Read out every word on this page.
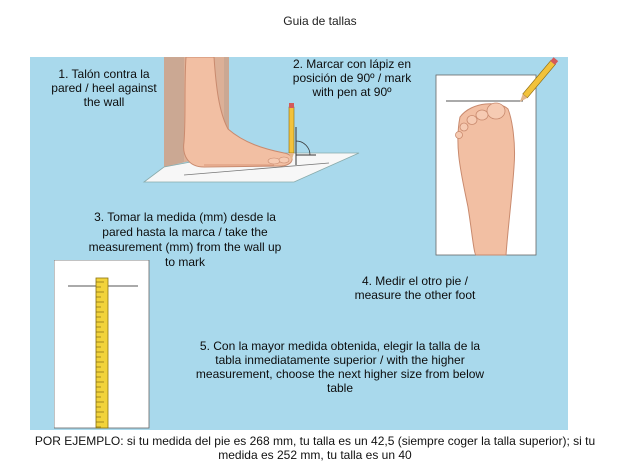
Guia de tallas
1. Talón contra la pared / heel against the wall
2. Marcar con lápiz en posición de 90º / mark with pen at 90º
3. Tomar la medida (mm) desde la pared hasta la marca / take the measurement (mm) from the wall up to mark
4. Medir el otro pie / measure the other foot
5. Con la mayor medida obtenida, elegir la talla de la tabla inmediatamente superior / with the higher measurement, choose the next higher size from below table
POR EJEMPLO: si tu medida del pie es 268 mm, tu talla es un 42,5 (siempre coger la talla superior); si tu medida es 252 mm, tu talla es un 40
